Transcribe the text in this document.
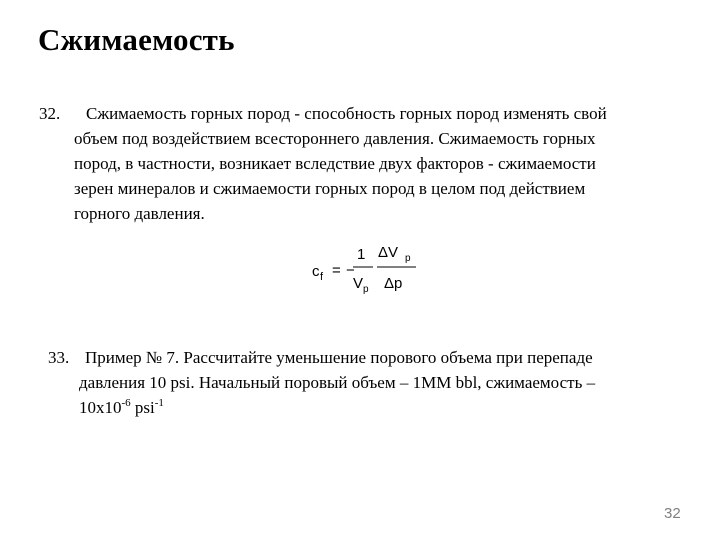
Сжимаемость
32. Сжимаемость горных пород - способность горных пород изменять свой
объем под воздействием всестороннего давления. Сжимаемость горных
пород, в частности, возникает вследствие двух факторов - сжимаемости
зерен минералов и сжимаемости горных пород в целом под действием
горного давления.
c f = −
1
V p
ΔV p
Δp
33. Пример № 7. Рассчитайте уменьшение порового объема при перепаде
давления 10 psi. Начальный поровый объем – 1MM bbl, сжимаемость –
$10x10^{-6}$ psi$^{-1}$
32
